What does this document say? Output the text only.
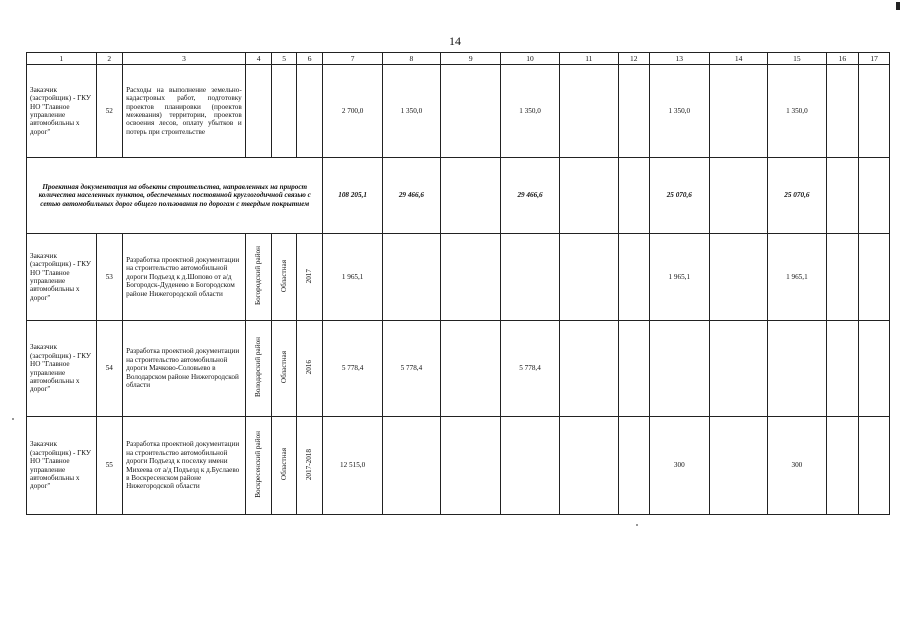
14
1	2	3	4	5	6	7	8	9	10	11	12	13	14	15	16	17
Заказчик (застройщик) - ГКУ НО "Главное управление автомобильны х дорог"	52	Расходы на выполнение земельно-кадастровых работ, подготовку проектов планировки (проектов межевания) территории, проектов освоения лесов, оплату убытков и потерь при строительстве				2 700,0	1 350,0		1 350,0			1 350,0		1 350,0		
Проектная документация на объекты строительства, направленных на прирост количества населенных пунктов, обеспеченных постоянной круглогодичной связью с сетью автомобильных дорог общего пользования по дорогам с твердым покрытием						108 205,1	29 466,6		29 466,6			25 070,6		25 070,6		
Заказчик (застройщик) - ГКУ НО "Главное управление автомобильны х дорог"	53	Разработка проектной документации на строительство автомобильной дороги Подъезд к д.Шопово от а/д Богородск-Дуденево в Богородском районе Нижегородской области	Богородский район	Областная	2017	1 965,1						1 965,1		1 965,1		
Заказчик (застройщик) - ГКУ НО "Главное управление автомобильны х дорог"	54	Разработка проектной документации на строительство автомобильной дороги Мачково-Соловьево в Володарском районе Нижегородской области	Володарский район	Областная	2016	5 778,4	5 778,4		5 778,4							
Заказчик (застройщик) - ГКУ НО "Главное управление автомобильны х дорог"	55	Разработка проектной документации на строительство автомобильной дороги Подъезд к поселку имени Михеева от а/д Подъезд к д.Буслаево в Воскресенском районе Нижегородской области	Воскресенский район	Областная	2017-2018	12 515,0						300		300		
